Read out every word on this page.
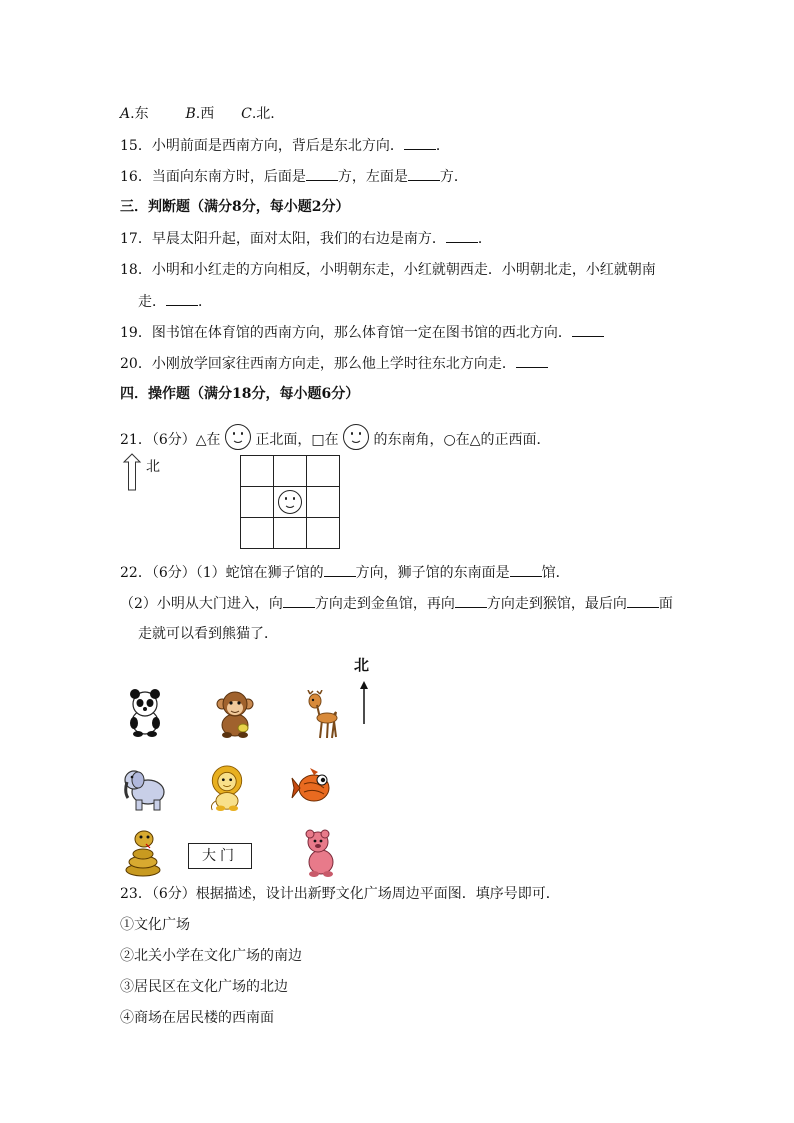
A.东	B.西 C.北.
15．小明前面是西南方向，背后是东北方向． ．
16．当面向东南方时，后面是 方，左面是 方．
三．判断题（满分8分，每小题2分）
17．早晨太阳升起，面对太阳，我们的右边是南方． ．
18．小明和小红走的方向相反，小明朝东走，小红就朝西走．小明朝北走，小红就朝南
走． ．
19．图书馆在体育馆的西南方向，那么体育馆一定在图书馆的西北方向．
20．小刚放学回家往西南方向走，那么他上学时往东北方向走．
四．操作题（满分18分，每小题6分）
21．（6分）△在 正北面，□在 的东南角，○在△的正西面．
北

22．（6分）（1）蛇馆在狮子馆的 方向，狮子馆的东南面是 馆．
（2）小明从大门进入，向 方向走到金鱼馆，再向 方向走到猴馆，最后向 面
走就可以看到熊猫了．
北
大门
23．（6分）根据描述，设计出新野文化广场周边平面图．填序号即可．
①文化广场
②北关小学在文化广场的南边
③居民区在文化广场的北边
④商场在居民楼的西南面
